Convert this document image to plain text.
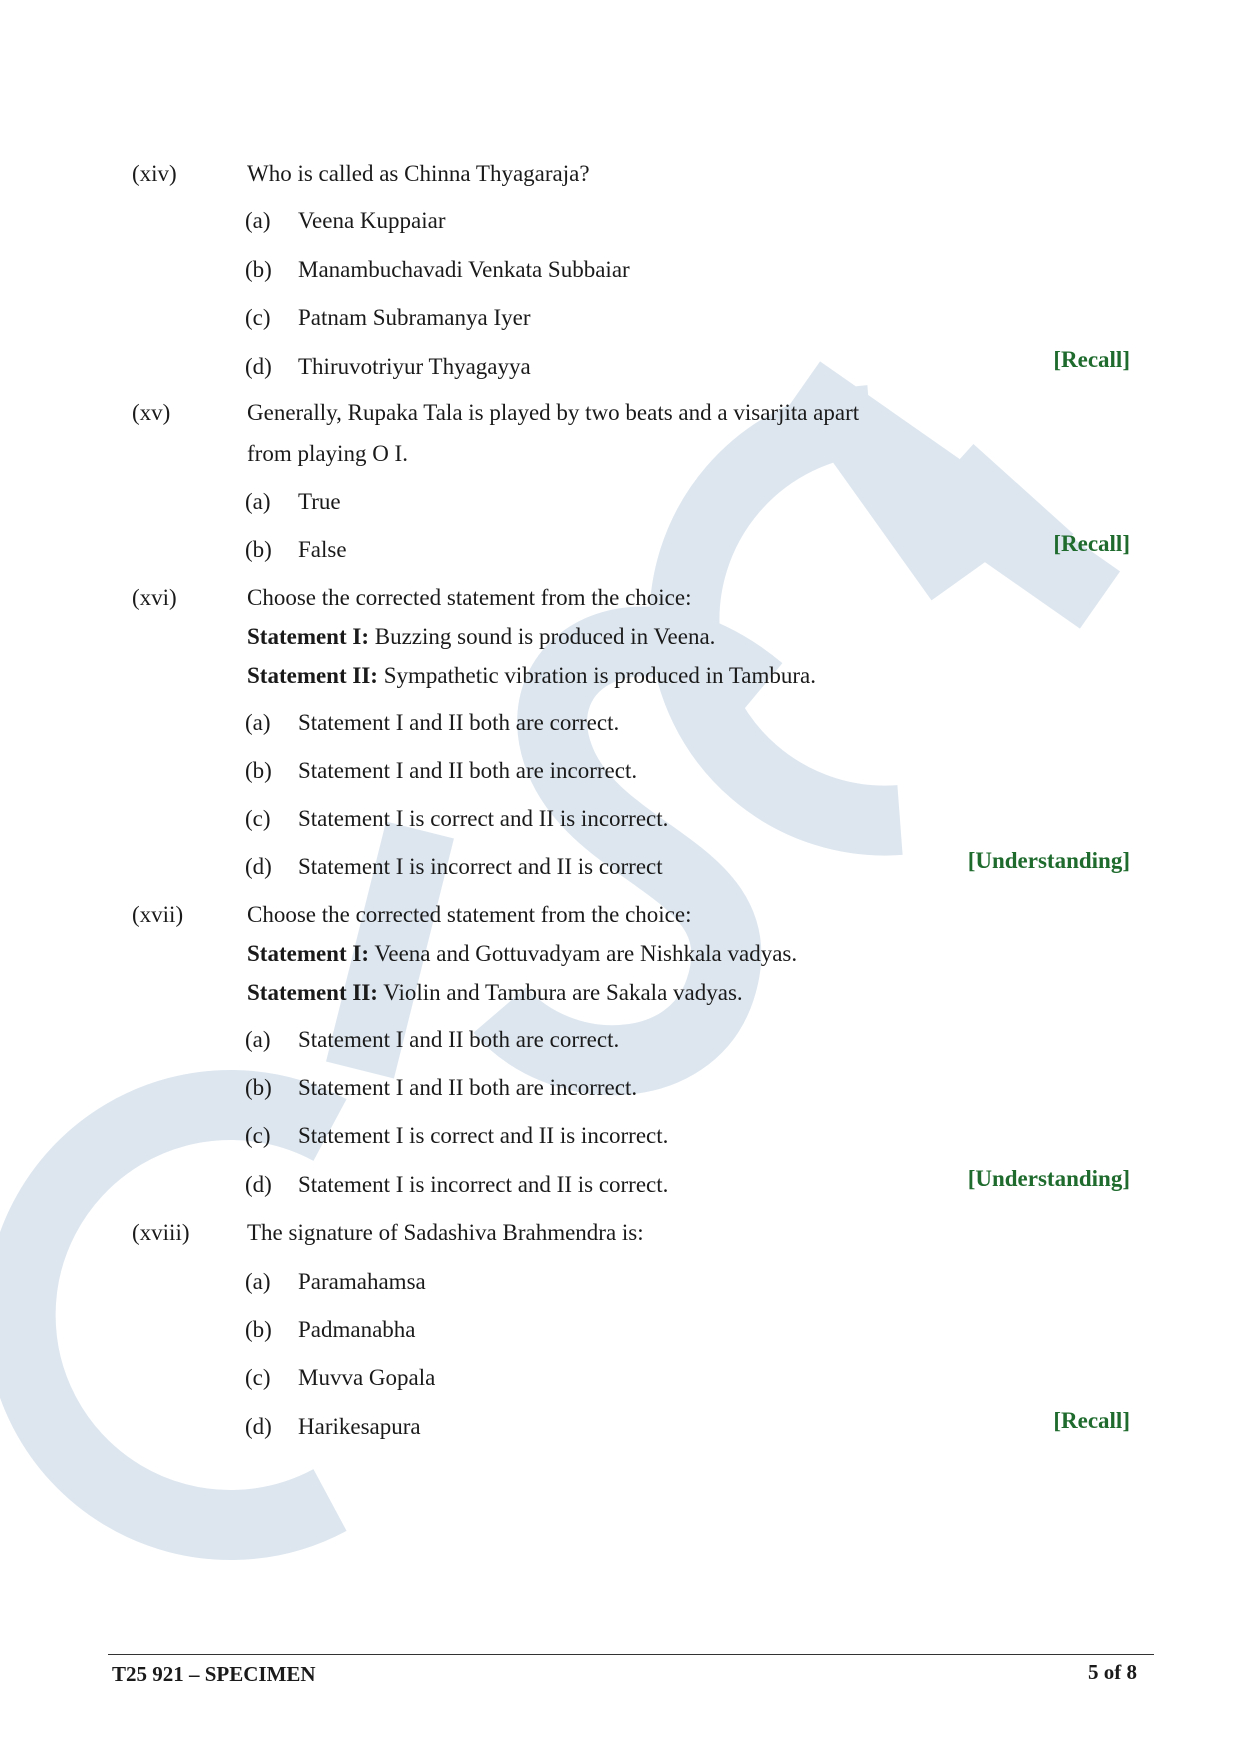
(xiv)	Who is called as Chinna Thyagaraja?
(a) Veena Kuppaiar
(b) Manambuchavadi Venkata Subbaiar
(c) Patnam Subramanya Iyer
(d) Thiruvotriyur Thyagayya	[Recall]
(xv)	Generally, Rupaka Tala is played by two beats and a visarjita apart
from playing O I.
(a) True
(b) False	[Recall]
(xvi)	Choose the corrected statement from the choice:
Statement I: Buzzing sound is produced in Veena.
Statement II: Sympathetic vibration is produced in Tambura.
(a) Statement I and II both are correct.
(b) Statement I and II both are incorrect.
(c) Statement I is correct and II is incorrect.
(d) Statement I is incorrect and II is correct	[Understanding]
(xvii)	Choose the corrected statement from the choice:
Statement I: Veena and Gottuvadyam are Nishkala vadyas.
Statement II: Violin and Tambura are Sakala vadyas.
(a) Statement I and II both are correct.
(b) Statement I and II both are incorrect.
(c) Statement I is correct and II is incorrect.
(d) Statement I is incorrect and II is correct.	[Understanding]
(xviii)	The signature of Sadashiva Brahmendra is:
(a) Paramahamsa
(b) Padmanabha
(c) Muvva Gopala
(d) Harikesapura	[Recall]
T25 921 – SPECIMEN	5 of 8
